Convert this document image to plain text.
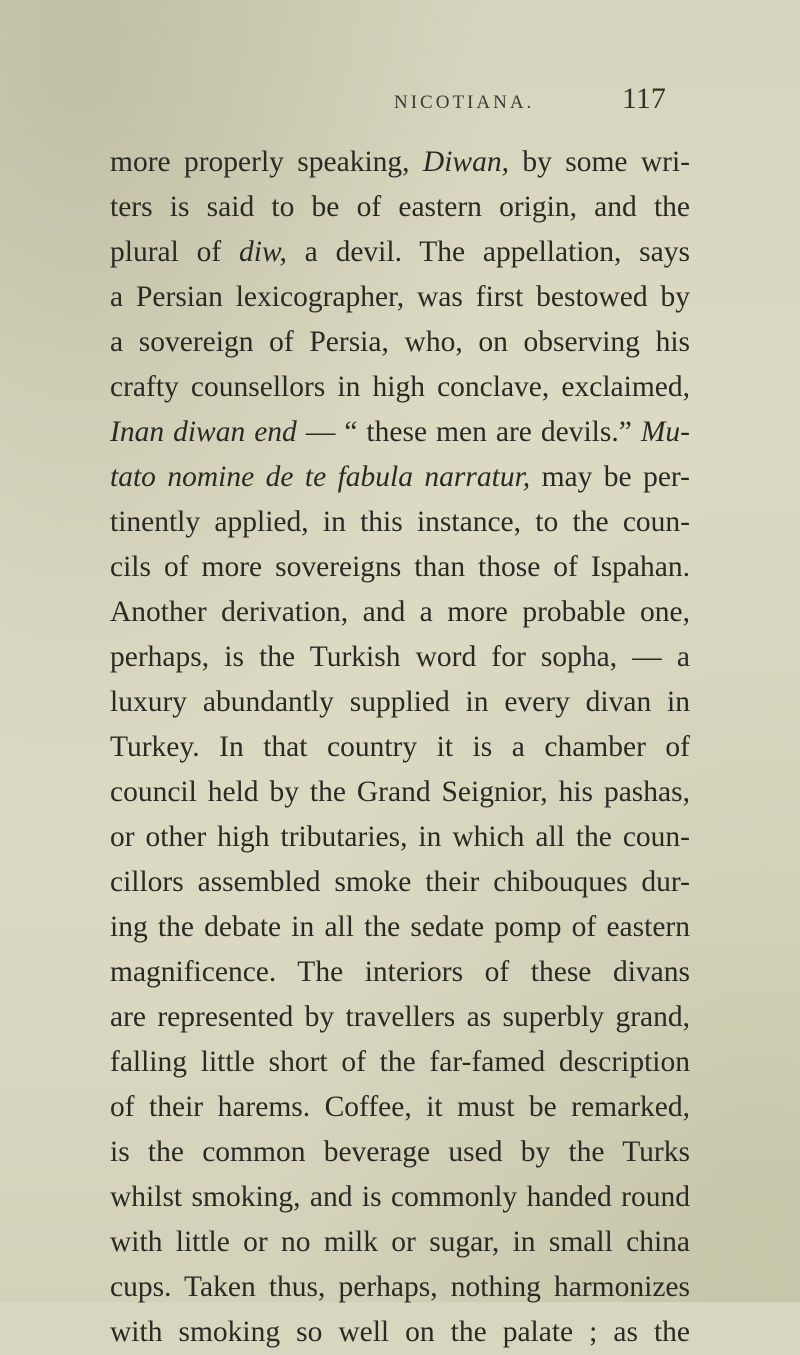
NICOTIANA.	117
more properly speaking, Diwan, by some wri-
ters is said to be of eastern origin, and the
plural of diw, a devil. The appellation, says
a Persian lexicographer, was first bestowed by
a sovereign of Persia, who, on observing his
crafty counsellors in high conclave, exclaimed,
Inan diwan end — “ these men are devils.” Mu-
tato nomine de te fabula narratur, may be per-
tinently applied, in this instance, to the coun-
cils of more sovereigns than those of Ispahan.
Another derivation, and a more probable one,
perhaps, is the Turkish word for sopha, — a
luxury abundantly supplied in every divan in
Turkey. In that country it is a chamber of
council held by the Grand Seignior, his pashas,
or other high tributaries, in which all the coun-
cillors assembled smoke their chibouques dur-
ing the debate in all the sedate pomp of eastern
magnificence. The interiors of these divans
are represented by travellers as superbly grand,
falling little short of the far-famed description
of their harems. Coffee, it must be remarked,
is the common beverage used by the Turks
whilst smoking, and is commonly handed round
with little or no milk or sugar, in small china
cups. Taken thus, perhaps, nothing harmonizes
with smoking so well on the palate ; as the
